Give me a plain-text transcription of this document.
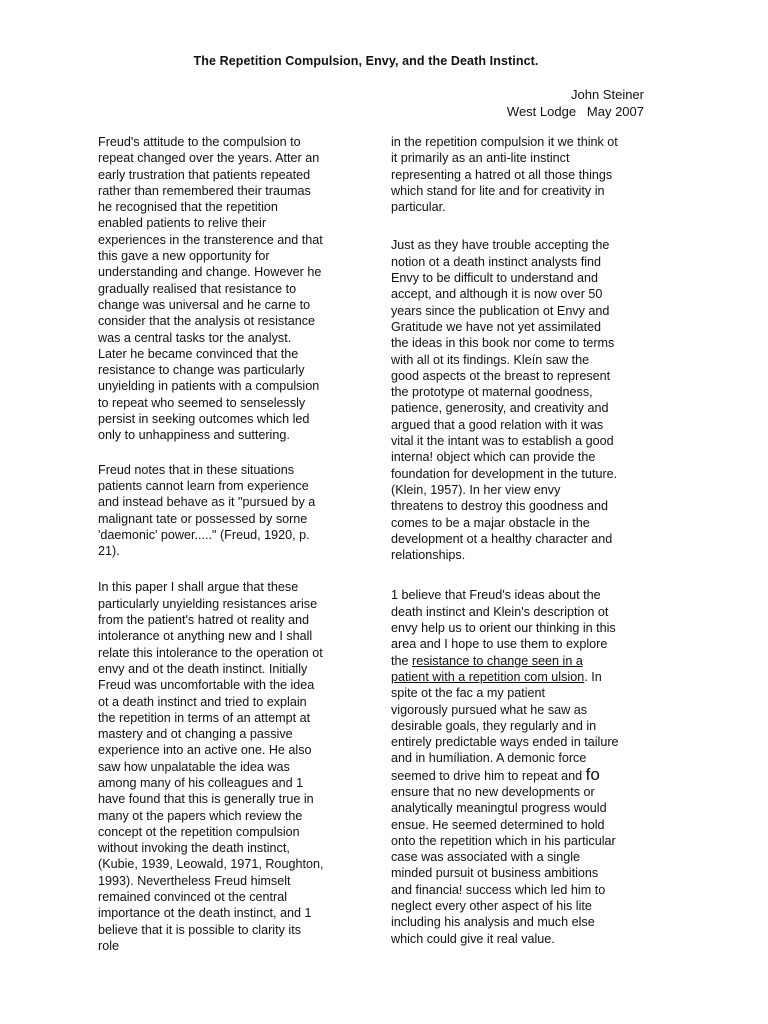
The Repetition Compulsion, Envy, and the Death Instinct.
John Steiner
West Lodge   May 2007

Freud's attitude to the compulsion to
repeat changed over the years. Atter an
early trustration that patients repeated
rather than remembered their traumas
he recognised that the repetition
enabled patients to relive their
experiences in the transterence and that
this gave a new opportunity for
understanding and change. However he
gradually realised that resistance to
change was universal and he carne to
consider that the analysis ot resistance
was a central tasks tor the analyst.
Later he became convinced that the
resistance to change was particularly
unyielding in patients with a compulsion
to repeat who seemed to senselessly
persist in seeking outcomes which led
only to unhappiness and suttering.

Freud notes that in these situations
patients cannot learn from experience
and instead behave as it "pursued by a
malignant tate or possessed by sorne
'daemonic' power....." (Freud, 1920, p.
21).

In this paper I shall argue that these
particularly unyielding resistances arise
from the patient's hatred ot reality and
intolerance ot anything new and I shall
relate this intolerance to the operation ot
envy and ot the death instinct. Initially
Freud was uncomfortable with the idea
ot a death instinct and tried to explain
the repetition in terms of an attempt at
mastery and ot changing a passive
experience into an active one. He also
saw how unpalatable the idea was
among many of his colleagues and 1
have found that this is generally true in
many ot the papers which review the
concept ot the repetition compulsion
without invoking the death instinct,
(Kubie, 1939, Leowald, 1971, Roughton,
1993). Nevertheless Freud himselt
remained convinced ot the central
importance ot the death instinct, and 1
believe that it is possible to clarity its
role

in the repetition compulsion it we think ot
it primarily as an anti-lite instinct
representing a hatred ot all those things
which stand for lite and for creativity in
particular.

Just as they have trouble accepting the
notion ot a death instinct analysts find
Envy to be difficult to understand and
accept, and although it is now over 50
years since the publication ot Envy and
Gratitude we have not yet assimilated
the ideas in this book nor come to terms
with all ot its findings. Kleín saw the
good aspects ot the breast to represent
the prototype ot maternal goodness,
patience, generosity, and creativity and
argued that a good relation with it was
vital it the intant was to establish a good
interna! object which can provide the
foundation for development in the tuture.
(Klein, 1957). In her view envy
threatens to destroy this goodness and
comes to be a majar obstacle in the
development ot a healthy character and
relationships.

1 believe that Freud's ideas about the
death instinct and Klein's description ot
envy help us to orient our thinking in this
area and I hope to use them to explore
the resistance to change seen in a
patient with a repetition com ulsion. In
spite ot the fac a my patient
vigorously pursued what he saw as
desirable goals, they regularly and in
entirely predictable ways ended in tailure
and in humíliation. A demonic force
seemed to drive him to repeat and fo
ensure that no new developments or
analytically meaningtul progress would
ensue. He seemed determined to hold
onto the repetition which in his particular
case was associated with a single
minded pursuit ot business ambitions
and financia! success which led him to
neglect every other aspect of his lite
including his analysis and much else
which could give it real value.
